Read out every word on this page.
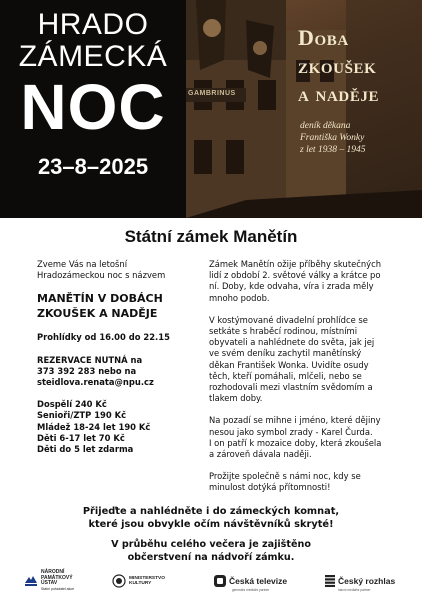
HRADO
ZÁMECKÁ
NOC
23–8–2025
GAMBRINUS
Doba
zkoušek
a naděje
deník děkana
Františka Wonky
z let 1938 – 1945
Státní zámek Manětín

Zveme Vás na letošní

Hradozámeckou noc s názvem

MANĚTÍN V DOBÁCH
ZKOUŠEK A NADĚJE

Prohlídky od 16.00 do 22.15

REZERVACE NUTNÁ na

373 392 283 nebo na

steidlova.renata@npu.cz

Dospělí 240 Kč

Senioři/ZTP 190 Kč

Mládež 18-24 let 190 Kč

Děti 6-17 let 70 Kč

Děti do 5 let zdarma

Zámek Manětín ožije příběhy skutečných

lidí z období 2. světové války a krátce po

ní. Doby, kde odvaha, víra i zrada měly

mnoho podob.

V kostýmované divadelní prohlídce se

setkáte s hraběcí rodinou, místními

obyvateli a nahlédnete do světa, jak jej

ve svém deníku zachytil manětínský

děkan František Wonka. Uvidíte osudy

těch, kteří pomáhali, mlčeli, nebo se

rozhodovali mezi vlastním svědomím a

tlakem doby.

Na pozadí se mihne i jméno, které dějiny

nesou jako symbol zrady - Karel Čurda.

I on patří k mozaice doby, která zkoušela

a zároveň dávala naději.

Prožijte společně s námi noc, kdy se

minulost dotýká přítomnosti!

Přijeďte a nahlédněte i do zámeckých komnat,
které jsou obvykle očím návštěvníků skryté!
V průběhu celého večera je zajištěno
občerstvení na nádvoří zámku.
NÁRODNÍ
PAMÁTKOVÝ
ÚSTAV
Státní pořadatel akce
MINISTERSTVO
KULTURY	Česká televize
generální mediální partner
Český rozhlas
hlavní mediální partner
